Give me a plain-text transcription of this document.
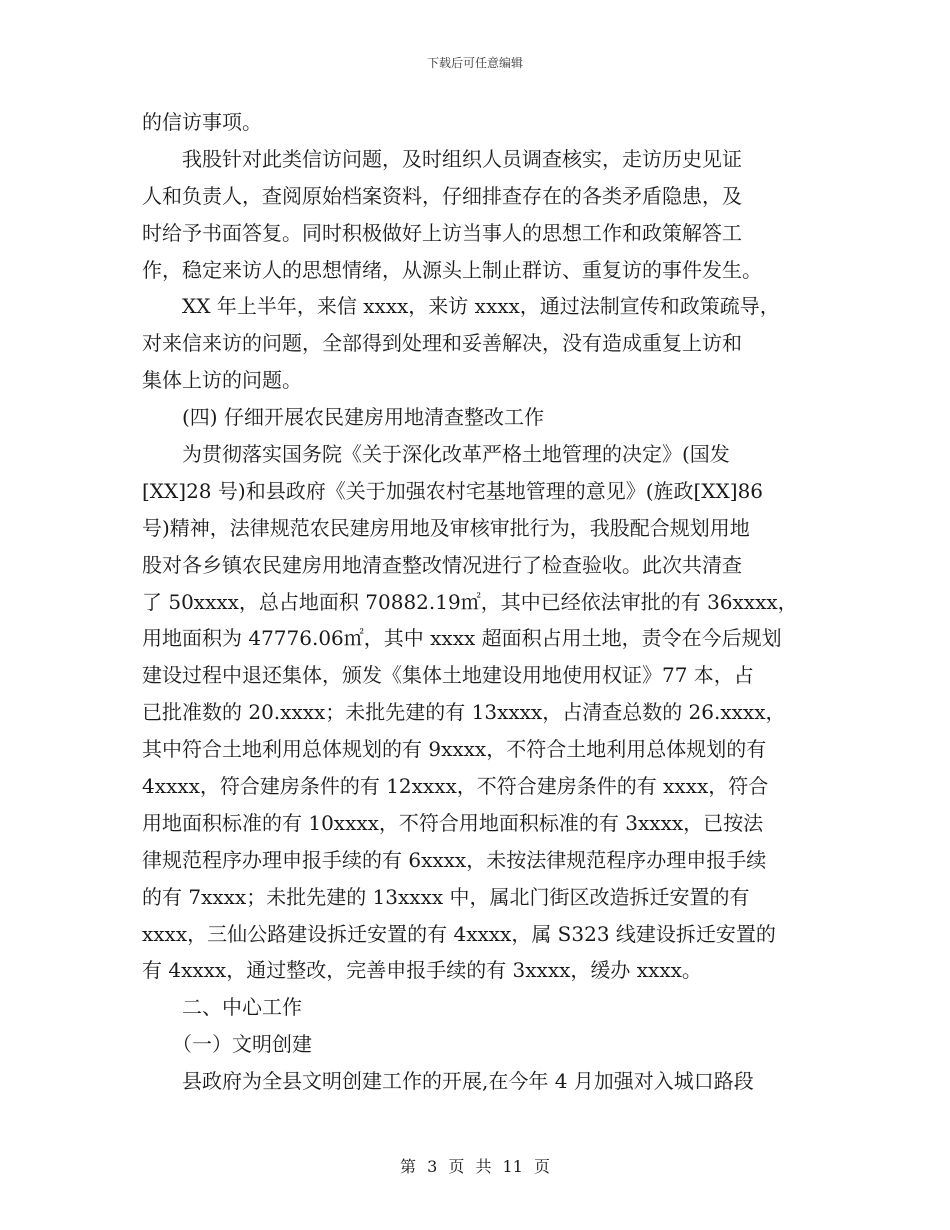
下载后可任意编辑
的信访事项。
我股针对此类信访问题，及时组织人员调查核实，走访历史见证
人和负责人，查阅原始档案资料，仔细排查存在的各类矛盾隐患，及
时给予书面答复。同时积极做好上访当事人的思想工作和政策解答工
作，稳定来访人的思想情绪，从源头上制止群访、重复访的事件发生。
XX 年上半年，来信 xxxx，来访 xxxx，通过法制宣传和政策疏导，
对来信来访的问题，全部得到处理和妥善解决，没有造成重复上访和
集体上访的问题。
(四) 仔细开展农民建房用地清查整改工作
为贯彻落实国务院《关于深化改革严格土地管理的决定》(国发
[XX]28 号)和县政府《关于加强农村宅基地管理的意见》(旌政[XX]86
号)精神，法律规范农民建房用地及审核审批行为，我股配合规划用地
股对各乡镇农民建房用地清查整改情况进行了检查验收。此次共清查
了 50xxxx，总占地面积 70882.19㎡，其中已经依法审批的有 36xxxx，
用地面积为 47776.06㎡，其中 xxxx 超面积占用土地，责令在今后规划
建设过程中退还集体，颁发《集体土地建设用地使用权证》77 本，占
已批准数的 20.xxxx；未批先建的有 13xxxx，占清查总数的 26.xxxx，
其中符合土地利用总体规划的有 9xxxx，不符合土地利用总体规划的有
4xxxx，符合建房条件的有 12xxxx，不符合建房条件的有 xxxx，符合
用地面积标准的有 10xxxx，不符合用地面积标准的有 3xxxx，已按法
律规范程序办理申报手续的有 6xxxx，未按法律规范程序办理申报手续
的有 7xxxx；未批先建的 13xxxx 中，属北门街区改造拆迁安置的有
xxxx，三仙公路建设拆迁安置的有 4xxxx，属 S323 线建设拆迁安置的
有 4xxxx，通过整改，完善申报手续的有 3xxxx，缓办 xxxx。
二、中心工作
（一）文明创建
县政府为全县文明创建工作的开展,在今年 4 月加强对入城口路段
第 3 页 共 11 页
